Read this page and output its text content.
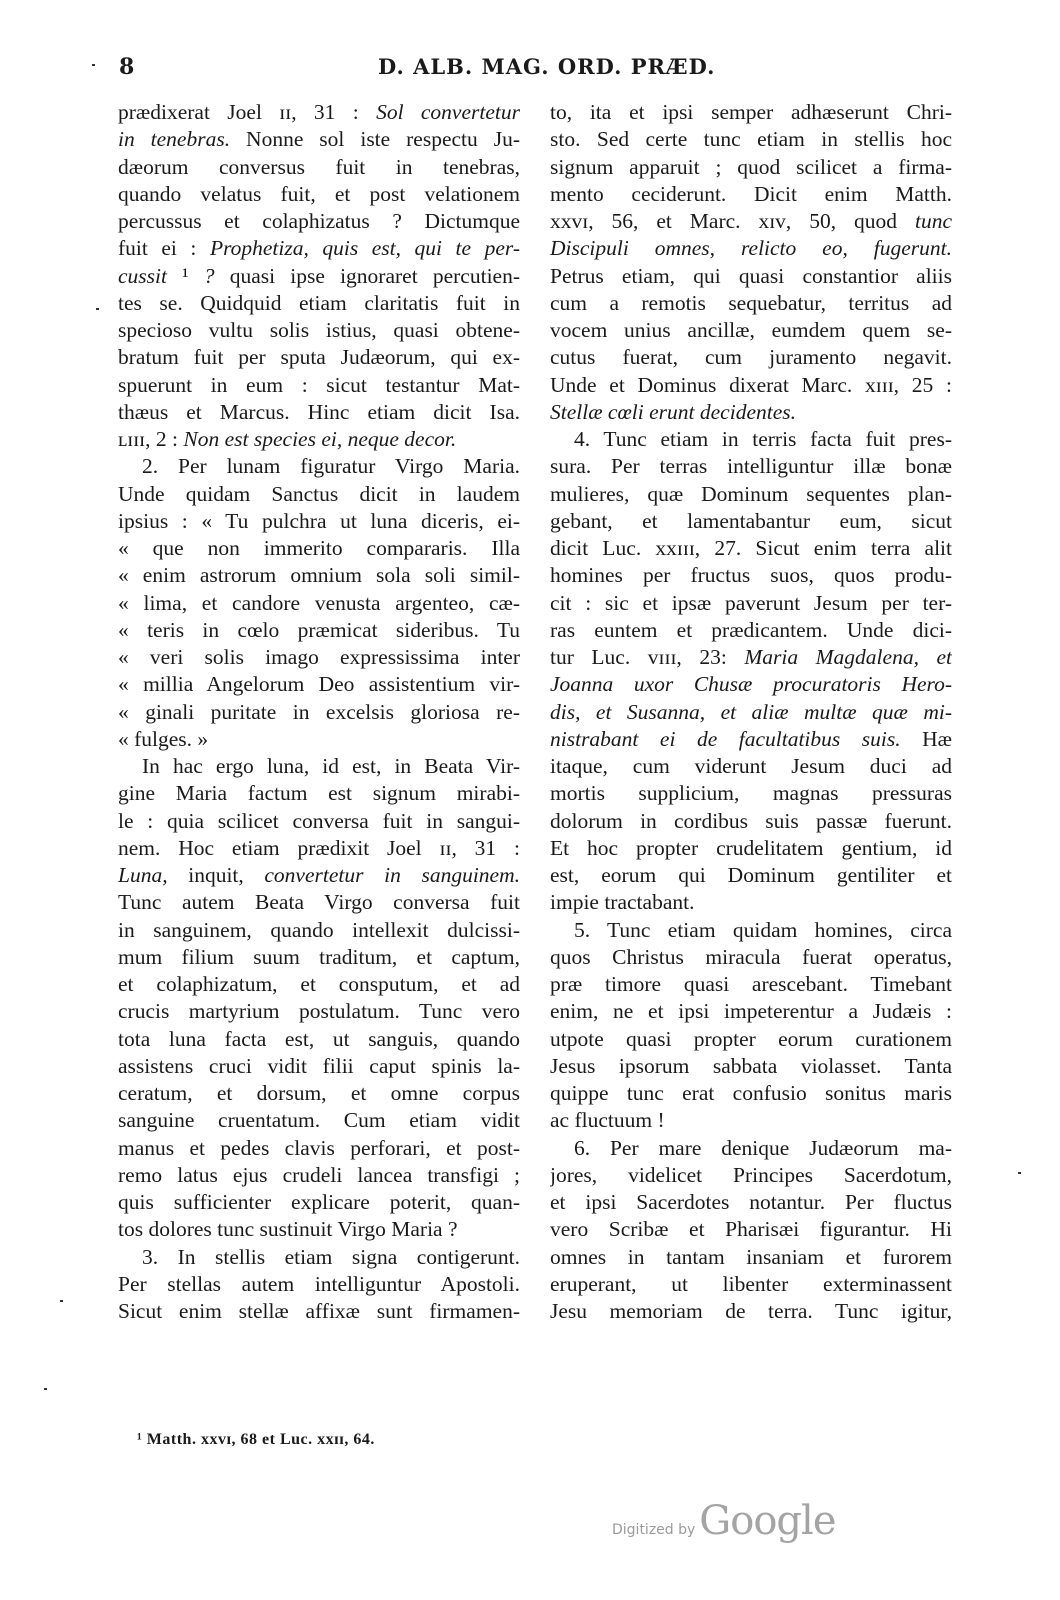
8	D. ALB. MAG. ORD. PRÆD.
prædixerat Joel ɪɪ, 31 : Sol convertetur
in tenebras. Nonne sol iste respectu Ju-
dæorum conversus fuit in tenebras,
quando velatus fuit, et post velationem
percussus et colaphizatus ? Dictumque
fuit ei : Prophetiza, quis est, qui te per-
cussit ¹ ? quasi ipse ignoraret percutien-
tes se. Quidquid etiam claritatis fuit in
specioso vultu solis istius, quasi obtene-
bratum fuit per sputa Judæorum, qui ex-
spuerunt in eum : sicut testantur Mat-
thæus et Marcus. Hinc etiam dicit Isa.
ʟɪɪɪ, 2 : Non est species ei, neque decor.
2. Per lunam figuratur Virgo Maria.
Unde quidam Sanctus dicit in laudem
ipsius : « Tu pulchra ut luna diceris, ei-
« que non immerito compararis. Illa
« enim astrorum omnium sola soli simil-
« lima, et candore venusta argenteo, cæ-
« teris in cœlo præmicat sideribus. Tu
« veri solis imago expressissima inter
« millia Angelorum Deo assistentium vir-
« ginali puritate in excelsis gloriosa re-
« fulges. »
In hac ergo luna, id est, in Beata Vir-
gine Maria factum est signum mirabi-
le : quia scilicet conversa fuit in sangui-
nem. Hoc etiam prædixit Joel ɪɪ, 31 :
Luna, inquit, convertetur in sanguinem.
Tunc autem Beata Virgo conversa fuit
in sanguinem, quando intellexit dulcissi-
mum filium suum traditum, et captum,
et colaphizatum, et consputum, et ad
crucis martyrium postulatum. Tunc vero
tota luna facta est, ut sanguis, quando
assistens cruci vidit filii caput spinis la-
ceratum, et dorsum, et omne corpus
sanguine cruentatum. Cum etiam vidit
manus et pedes clavis perforari, et post-
remo latus ejus crudeli lancea transfigi ;
quis sufficienter explicare poterit, quan-
tos dolores tunc sustinuit Virgo Maria ?
3. In stellis etiam signa contigerunt.
Per stellas autem intelliguntur Apostoli.
Sicut enim stellæ affixæ sunt firmamen-
to, ita et ipsi semper adhæserunt Chri-
sto. Sed certe tunc etiam in stellis hoc
signum apparuit ; quod scilicet a firma-
mento ceciderunt. Dicit enim Matth.
xxᴠɪ, 56, et Marc. xɪᴠ, 50, quod tunc
Discipuli omnes, relicto eo, fugerunt.
Petrus etiam, qui quasi constantior aliis
cum a remotis sequebatur, territus ad
vocem unius ancillæ, eumdem quem se-
cutus fuerat, cum juramento negavit.
Unde et Dominus dixerat Marc. xɪɪɪ, 25 :
Stellæ cœli erunt decidentes.
4. Tunc etiam in terris facta fuit pres-
sura. Per terras intelliguntur illæ bonæ
mulieres, quæ Dominum sequentes plan-
gebant, et lamentabantur eum, sicut
dicit Luc. xxɪɪɪ, 27. Sicut enim terra alit
homines per fructus suos, quos produ-
cit : sic et ipsæ paverunt Jesum per ter-
ras euntem et prædicantem. Unde dici-
tur Luc. ᴠɪɪɪ, 23: Maria Magdalena, et
Joanna uxor Chusæ procuratoris Hero-
dis, et Susanna, et aliæ multæ quæ mi-
nistrabant ei de facultatibus suis. Hæ
itaque, cum viderunt Jesum duci ad
mortis supplicium, magnas pressuras
dolorum in cordibus suis passæ fuerunt.
Et hoc propter crudelitatem gentium, id
est, eorum qui Dominum gentiliter et
impie tractabant.
5. Tunc etiam quidam homines, circa
quos Christus miracula fuerat operatus,
præ timore quasi arescebant. Timebant
enim, ne et ipsi impeterentur a Judæis :
utpote quasi propter eorum curationem
Jesus ipsorum sabbata violasset. Tanta
quippe tunc erat confusio sonitus maris
ac fluctuum !
6. Per mare denique Judæorum ma-
jores, videlicet Principes Sacerdotum,
et ipsi Sacerdotes notantur. Per fluctus
vero Scribæ et Pharisæi figurantur. Hi
omnes in tantam insaniam et furorem
eruperant, ut libenter exterminassent
Jesu memoriam de terra. Tunc igitur,
¹ Matth. xxᴠɪ, 68 et Luc. xxɪɪ, 64.
Digitized by Google
